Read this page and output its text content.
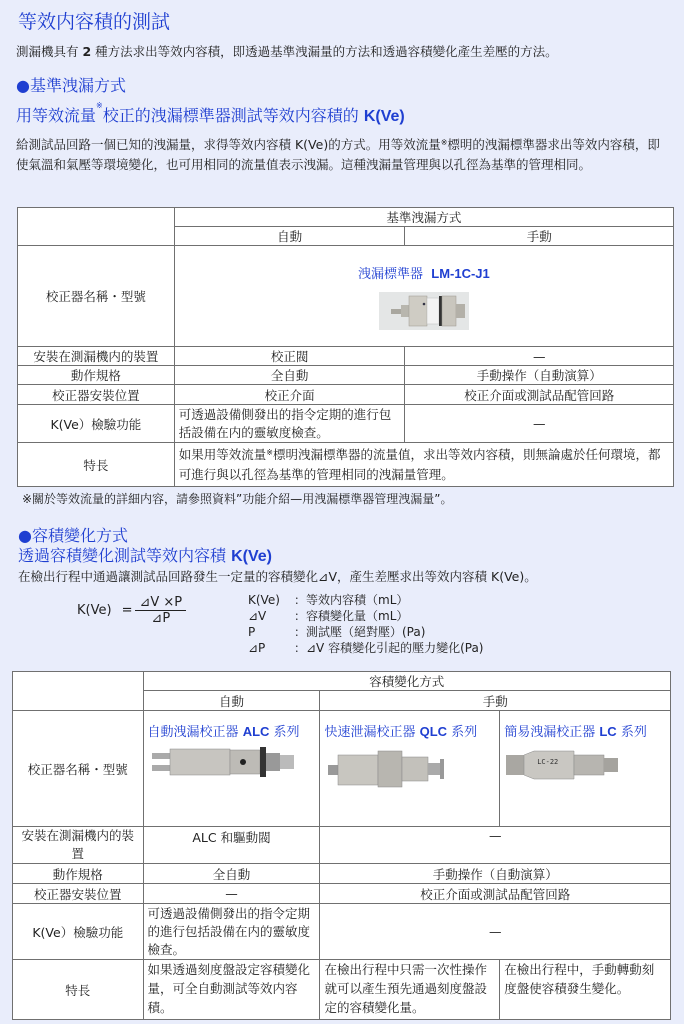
等效内容積的測試
測漏機具有 2 種方法求出等效内容積，即透過基準洩漏量的方法和透過容積變化產生差壓的方法。
●基準洩漏方式
用等效流量※校正的洩漏標準器測試等效内容積的 K(Ve)
給測試品回路一個已知的洩漏量，求得等效内容積 K(Ve)的方式。用等效流量※標明的洩漏標準器求出等效内容積，即使氣溫和氣壓等環境變化，也可用相同的流量值表示洩漏。這種洩漏量管理與以孔徑為基準的管理相同。
	基準洩漏方式	
	自動	手動
校正器名稱・型號	洩漏標準器 LM-1C-J1	

安裝在測漏機内的裝置	校正閥	—
動作規格	全自動	手動操作（自動演算）
校正器安裝位置	校正介面	校正介面或測試品配管回路
K(Ve）檢驗功能	可透過設備側發出的指令定期的進行包括設備在内的靈敏度檢查。	—
特長	如果用等效流量※標明洩漏標準器的流量值，求出等效内容積，則無論處於任何環境，都可進行與以孔徑為基準的管理相同的洩漏量管理。	
※關於等效流量的詳細内容，請參照資料”功能介紹—用洩漏標準器管理洩漏量”。
●容積變化方式
透過容積變化測試等效内容積 K(Ve)
在檢出行程中通過讓測試品回路發生一定量的容積變化⊿V，產生差壓求出等效内容積 K(Ve)。
$K(Ve) = \frac{⊿V \times P}{⊿P}$	K(Ve) ：等效内容積（mL）
⊿V ：容積變化量（mL）
P	：測試壓（絕對壓）(Pa)
⊿P ：⊿V 容積變化引起的壓力變化(Pa)
	容積變化方式		
	自動	手動	
校正器名稱・型號	自動洩漏校正器 ALC 系列	快速泄漏校正器 QLC 系列	簡易洩漏校正器 LC 系列
LC-22

安裝在測漏機内的裝置	ALC 和驅動閥	—	
動作規格	全自動	手動操作（自動演算）	
校正器安裝位置	—	校正介面或測試品配管回路	
K(Ve）檢驗功能	可透過設備側發出的指令定期的進行包括設備在内的靈敏度檢查。	—	
特長	如果透過刻度盤設定容積變化量，可全自動測試等效内容積。	在檢出行程中只需一次性操作就可以產生預先通過刻度盤設定的容積變化量。	在檢出行程中，手動轉動刻度盤使容積發生變化。
